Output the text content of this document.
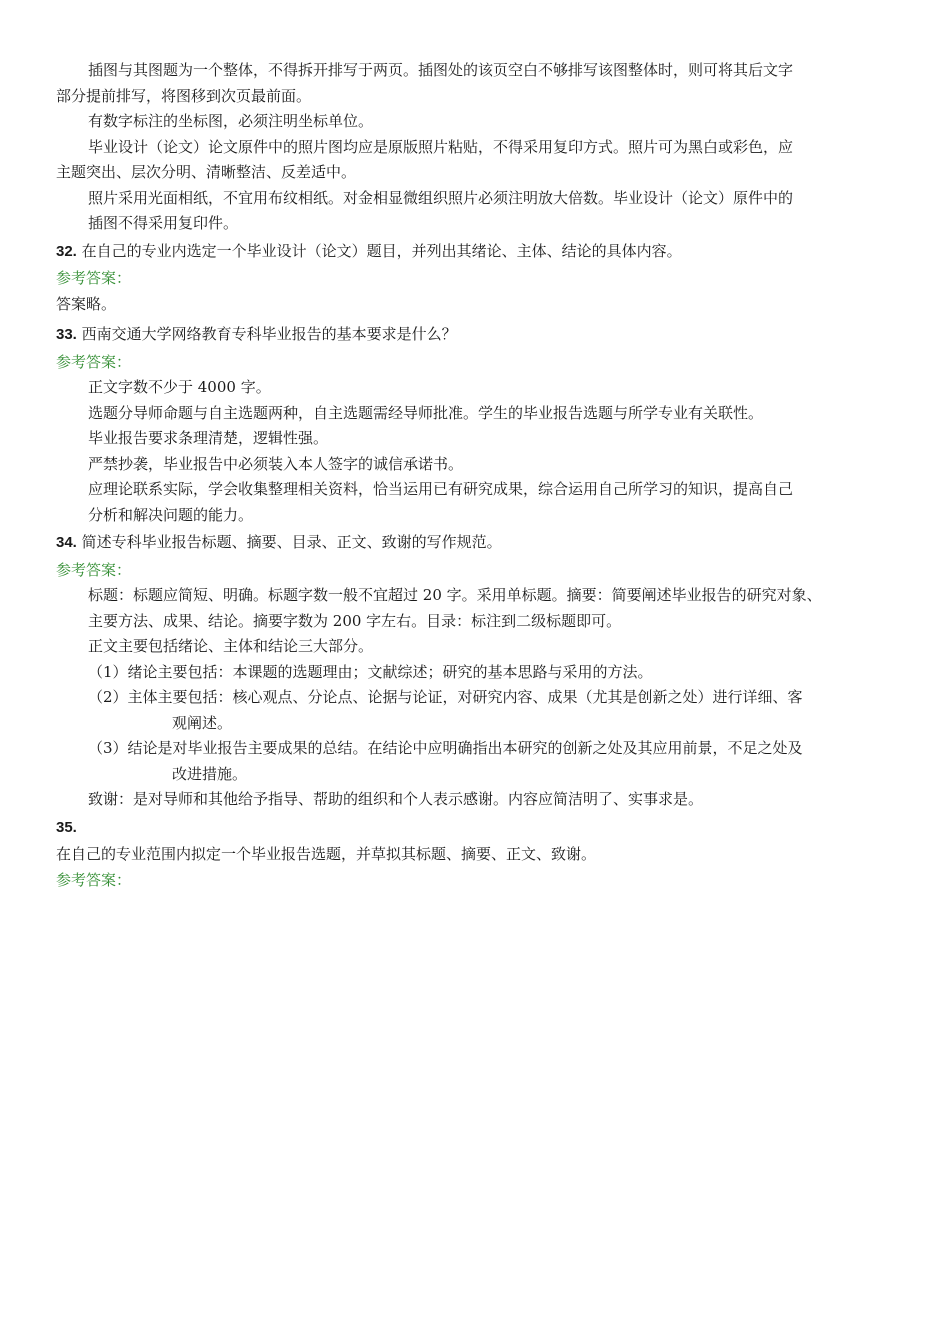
插图与其图题为一个整体，不得拆开排写于两页。插图处的该页空白不够排写该图整体时，则可将其后文字

部分提前排写，将图移到次页最前面。

有数字标注的坐标图，必须注明坐标单位。

毕业设计（论文）论文原件中的照片图均应是原版照片粘贴，不得采用复印方式。照片可为黑白或彩色，应

主题突出、层次分明、清晰整洁、反差适中。

照片采用光面相纸，不宜用布纹相纸。对金相显微组织照片必须注明放大倍数。毕业设计（论文）原件中的

插图不得采用复印件。

32. 在自己的专业内选定一个毕业设计（论文）题目，并列出其绪论、主体、结论的具体内容。

参考答案：

答案略。

33. 西南交通大学网络教育专科毕业报告的基本要求是什么？

参考答案：

正文字数不少于 4000 字。

选题分导师命题与自主选题两种，自主选题需经导师批准。学生的毕业报告选题与所学专业有关联性。

毕业报告要求条理清楚，逻辑性强。

严禁抄袭，毕业报告中必须装入本人签字的诚信承诺书。

应理论联系实际，学会收集整理相关资料，恰当运用已有研究成果，综合运用自己所学习的知识，提高自己

分析和解决问题的能力。

34. 简述专科毕业报告标题、摘要、目录、正文、致谢的写作规范。

参考答案：

标题：标题应简短、明确。标题字数一般不宜超过 20 字。采用单标题。摘要：简要阐述毕业报告的研究对象、

主要方法、成果、结论。摘要字数为 200 字左右。目录：标注到二级标题即可。

正文主要包括绪论、主体和结论三大部分。

（1）绪论主要包括：本课题的选题理由；文献综述；研究的基本思路与采用的方法。

（2）主体主要包括：核心观点、分论点、论据与论证，对研究内容、成果（尤其是创新之处）进行详细、客

观阐述。

（3）结论是对毕业报告主要成果的总结。在结论中应明确指出本研究的创新之处及其应用前景，不足之处及

改进措施。

致谢：是对导师和其他给予指导、帮助的组织和个人表示感谢。内容应简洁明了、实事求是。

35.

在自己的专业范围内拟定一个毕业报告选题，并草拟其标题、摘要、正文、致谢。

参考答案：
